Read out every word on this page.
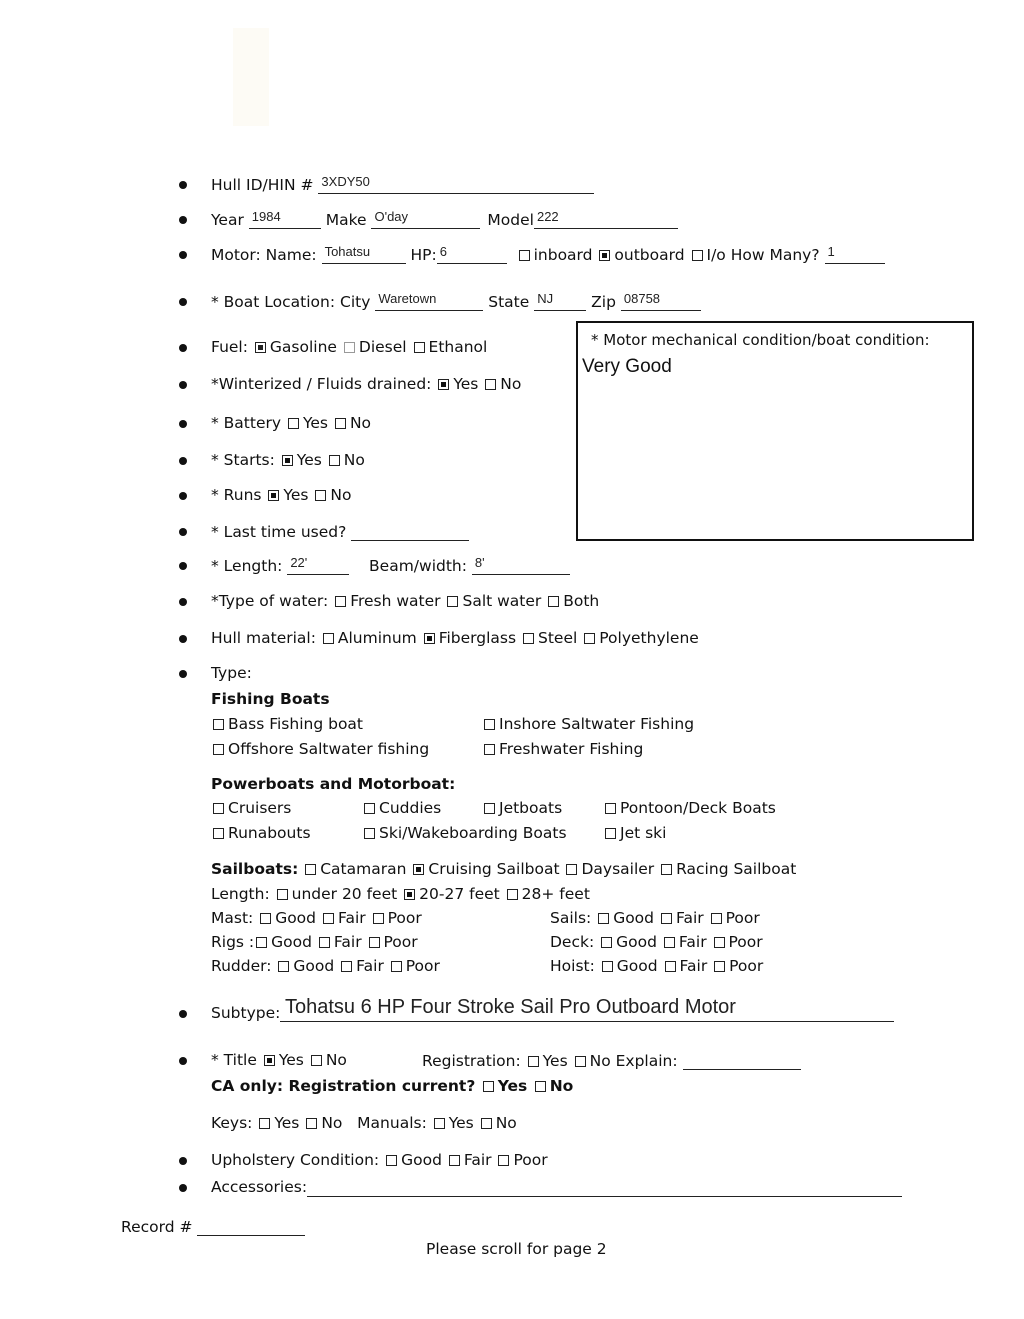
Hull ID/HIN # 3XDY50
Year 1984	Make O'day	Model 222
Motor: Name: Tohatsu	HP: 6	inboard outboard I/o How Many? 1
* Boat Location: City Waretown	State NJ Zip 08758
* Motor mechanical condition/boat condition:
Very Good
Fuel: Gasoline Diesel Ethanol
*Winterized / Fluids drained: Yes No
* Battery Yes No
* Starts: Yes No
* Runs Yes No
* Last time used?
* Length: 22'	Beam/width: 8'
*Type of water: Fresh water Salt water Both
Hull material: Aluminum Fiberglass Steel Polyethylene
Type:
Fishing Boats
Bass Fishing boat	Inshore Saltwater Fishing
Offshore Saltwater fishing	Freshwater Fishing
Powerboats and Motorboat:
Cruisers	Cuddies	Jetboats	Pontoon/Deck Boats
Runabouts	Ski/Wakeboarding Boats	Jet ski
Sailboats: Catamaran Cruising Sailboat Daysailer Racing Sailboat
Length: under 20 feet 20-27 feet 28+ feet
Mast: Good Fair Poor	Sails: Good Fair Poor
Rigs : Good Fair Poor	Deck: Good Fair Poor
Rudder: Good Fair Poor	Hoist: Good Fair Poor
Subtype: Tohatsu 6 HP Four Stroke Sail Pro Outboard Motor
* Title Yes No	Registration: Yes No Explain:
CA only: Registration current? Yes No
Keys: Yes No Manuals: Yes No
Upholstery Condition: Good Fair Poor
Accessories:
Record #
Please scroll for page 2
